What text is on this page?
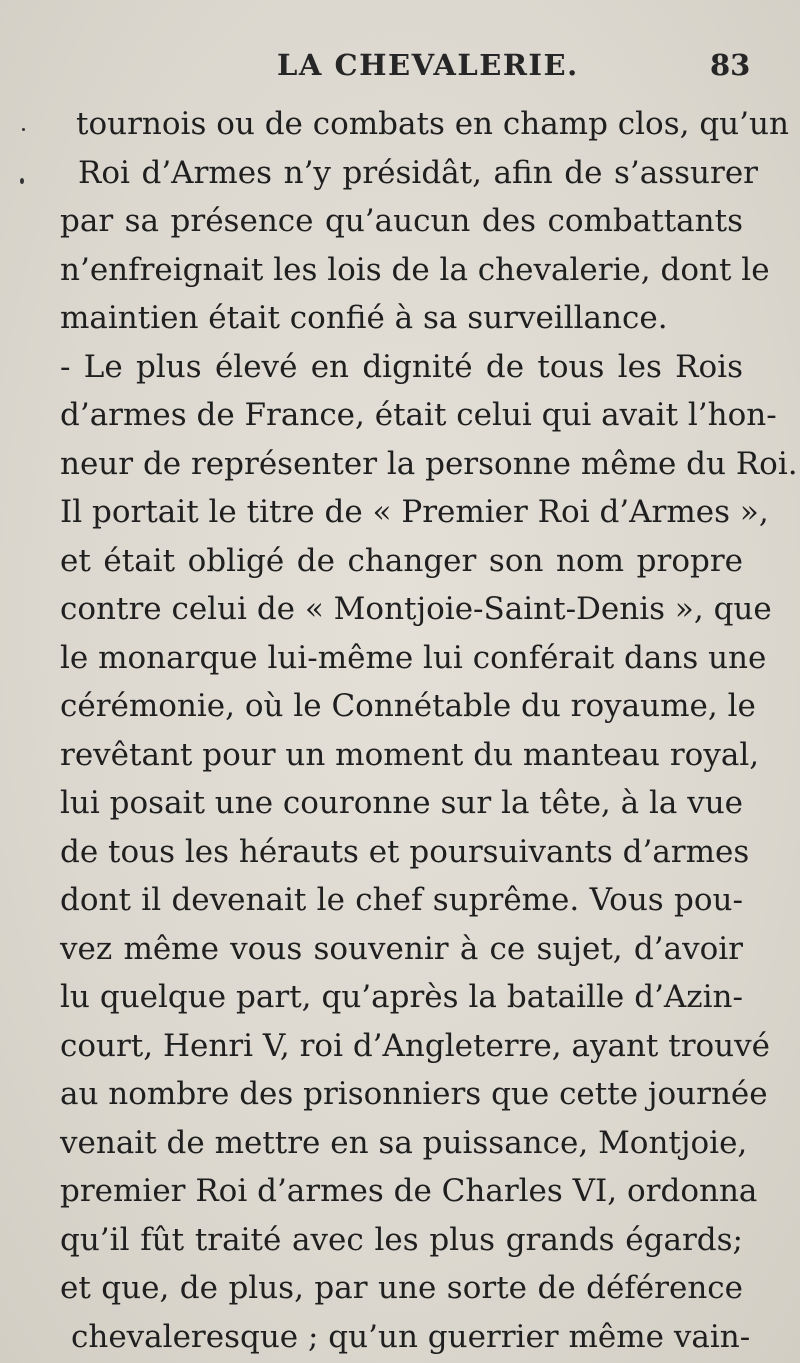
LA CHEVALERIE.	83
tournois ou de combats en champ clos, qu’un
Roi d’Armes n’y présidât, afin de s’assurer
par sa présence qu’aucun des combattants
n’enfreignait les lois de la chevalerie, dont le
maintien était confié à sa surveillance.
- Le plus élevé en dignité de tous les Rois
d’armes de France, était celui qui avait l’hon-
neur de représenter la personne même du Roi.
Il portait le titre de « Premier Roi d’Armes »,
et était obligé de changer son nom propre
contre celui de « Montjoie-Saint-Denis », que
le monarque lui-même lui conférait dans une
cérémonie, où le Connétable du royaume, le
revêtant pour un moment du manteau royal,
lui posait une couronne sur la tête, à la vue
de tous les hérauts et poursuivants d’armes
dont il devenait le chef suprême. Vous pou-
vez même vous souvenir à ce sujet, d’avoir
lu quelque part, qu’après la bataille d’Azin-
court, Henri V, roi d’Angleterre, ayant trouvé
au nombre des prisonniers que cette journée
venait de mettre en sa puissance, Montjoie,
premier Roi d’armes de Charles VI, ordonna
qu’il fût traité avec les plus grands égards;
et que, de plus, par une sorte de déférence
chevaleresque ; qu’un guerrier même vain-
